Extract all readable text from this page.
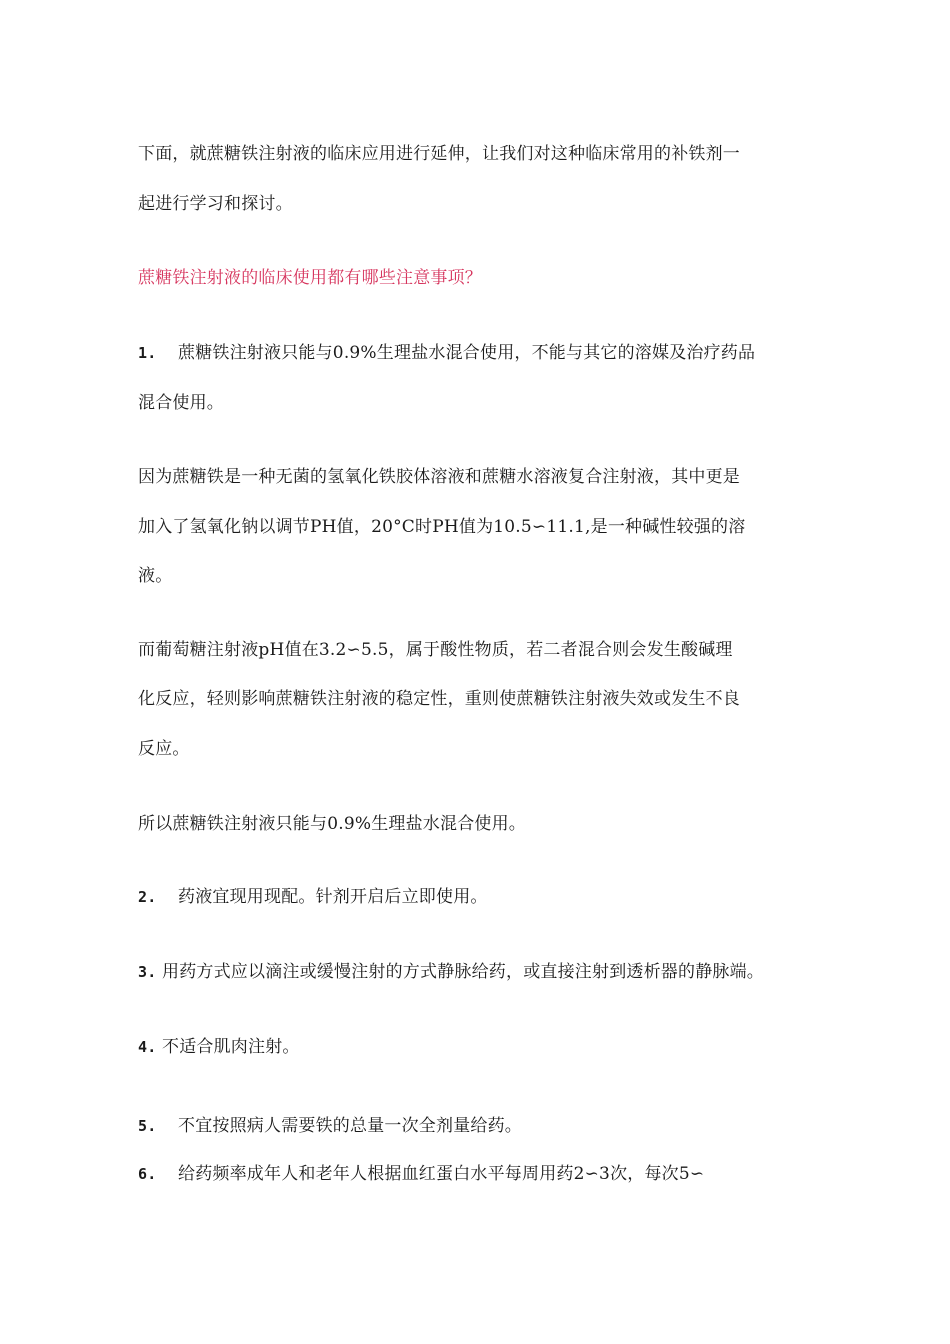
下面，就蔗糖铁注射液的临床应用进行延伸，让我们对这种临床常用的补铁剂一
起进行学习和探讨。
蔗糖铁注射液的临床使用都有哪些注意事项？
1. 蔗糖铁注射液只能与0.9%生理盐水混合使用，不能与其它的溶媒及治疗药品
混合使用。
因为蔗糖铁是一种无菌的氢氧化铁胶体溶液和蔗糖水溶液复合注射液，其中更是
加入了氢氧化钠以调节PH值，20°C时PH值为10.5∽11.1,是一种碱性较强的溶
液。
而葡萄糖注射液pH值在3.2∽5.5，属于酸性物质，若二者混合则会发生酸碱理
化反应，轻则影响蔗糖铁注射液的稳定性，重则使蔗糖铁注射液失效或发生不良
反应。
所以蔗糖铁注射液只能与0.9%生理盐水混合使用。
2. 药液宜现用现配。针剂开启后立即使用。
3. 用药方式应以滴注或缓慢注射的方式静脉给药，或直接注射到透析器的静脉端。
4. 不适合肌肉注射。
5. 不宜按照病人需要铁的总量一次全剂量给药。
6. 给药频率成年人和老年人根据血红蛋白水平每周用药2∽3次，每次5∽
